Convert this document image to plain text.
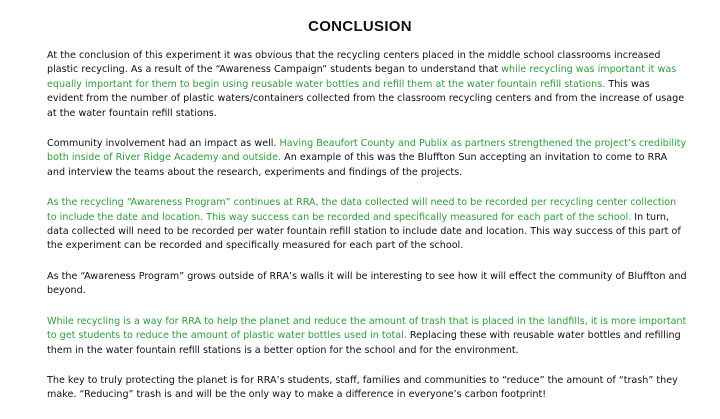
CONCLUSION

At the conclusion of this experiment it was obvious that the recycling centers placed in the middle school classrooms increased plastic recycling. As a result of the “Awareness Campaign” students began to understand that while recycling was important it was equally important for them to begin using reusable water bottles and refill them at the water fountain refill stations. This was evident from the number of plastic waters/containers collected from the classroom recycling centers and from the increase of usage at the water fountain refill stations.

Community involvement had an impact as well. Having Beaufort County and Publix as partners strengthened the project’s credibility both inside of River Ridge Academy and outside. An example of this was the Bluffton Sun accepting an invitation to come to RRA and interview the teams about the research, experiments and findings of the projects.

As the recycling “Awareness Program” continues at RRA, the data collected will need to be recorded per recycling center collection to include the date and location. This way success can be recorded and specifically measured for each part of the school. In turn, data collected will need to be recorded per water fountain refill station to include date and location. This way success of this part of the experiment can be recorded and specifically measured for each part of the school.

As the “Awareness Program” grows outside of RRA’s walls it will be interesting to see how it will effect the community of Bluffton and beyond.

While recycling is a way for RRA to help the planet and reduce the amount of trash that is placed in the landfills, it is more important to get students to reduce the amount of plastic water bottles used in total. Replacing these with reusable water bottles and refilling them in the water fountain refill stations is a better option for the school and for the environment.

The key to truly protecting the planet is for RRA’s students, staff, families and communities to “reduce” the amount of “trash” they make. “Reducing” trash is and will be the only way to make a difference in everyone’s carbon footprint!
